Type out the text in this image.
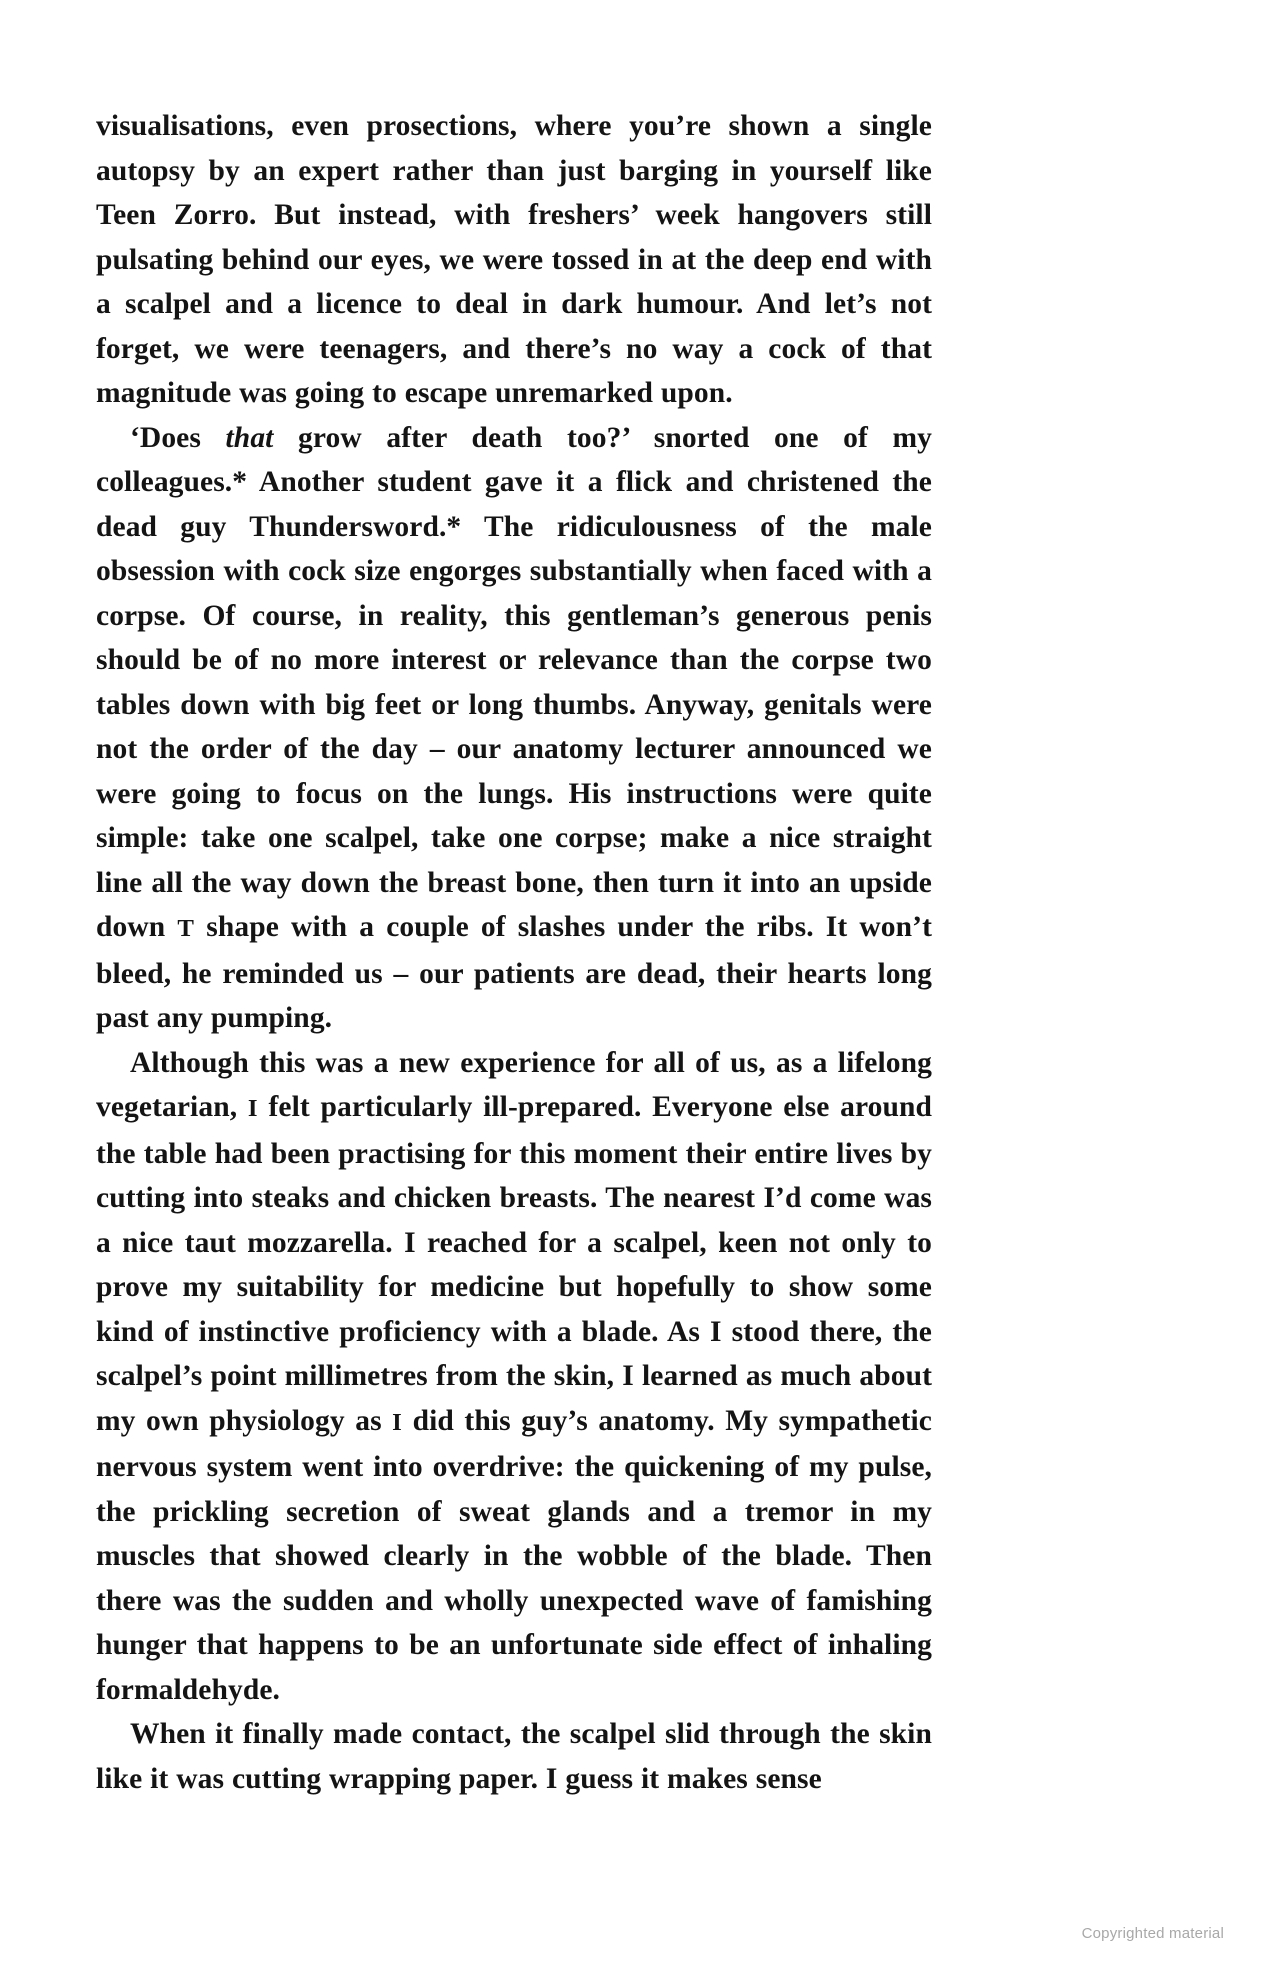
visualisations, even prosections, where you’re shown a single autopsy by an expert rather than just barging in yourself like Teen Zorro. But instead, with freshers’ week hangovers still pulsating behind our eyes, we were tossed in at the deep end with a scalpel and a licence to deal in dark humour. And let’s not forget, we were teenagers, and there’s no way a cock of that magnitude was going to escape unremarked upon.

‘Does that grow after death too?’ snorted one of my colleagues.* Another student gave it a flick and christened the dead guy Thundersword.* The ridiculousness of the male obsession with cock size engorges substantially when faced with a corpse. Of course, in reality, this gentleman’s generous penis should be of no more interest or relevance than the corpse two tables down with big feet or long thumbs. Anyway, genitals were not the order of the day – our anatomy lecturer announced we were going to focus on the lungs. His instructions were quite simple: take one scalpel, take one corpse; make a nice straight line all the way down the breast bone, then turn it into an upside down T shape with a couple of slashes under the ribs. It won’t bleed, he reminded us – our patients are dead, their hearts long past any pumping.

Although this was a new experience for all of us, as a lifelong vegetarian, I felt particularly ill-prepared. Everyone else around the table had been practising for this moment their entire lives by cutting into steaks and chicken breasts. The nearest I’d come was a nice taut mozzarella. I reached for a scalpel, keen not only to prove my suitability for medicine but hopefully to show some kind of instinctive proficiency with a blade. As I stood there, the scalpel’s point millimetres from the skin, I learned as much about my own physiology as I did this guy’s anatomy. My sympathetic nervous system went into overdrive: the quickening of my pulse, the prickling secretion of sweat glands and a tremor in my muscles that showed clearly in the wobble of the blade. Then there was the sudden and wholly unexpected wave of famishing hunger that happens to be an unfortunate side effect of inhaling formaldehyde.

When it finally made contact, the scalpel slid through the skin like it was cutting wrapping paper. I guess it makes sense

Copyrighted material
